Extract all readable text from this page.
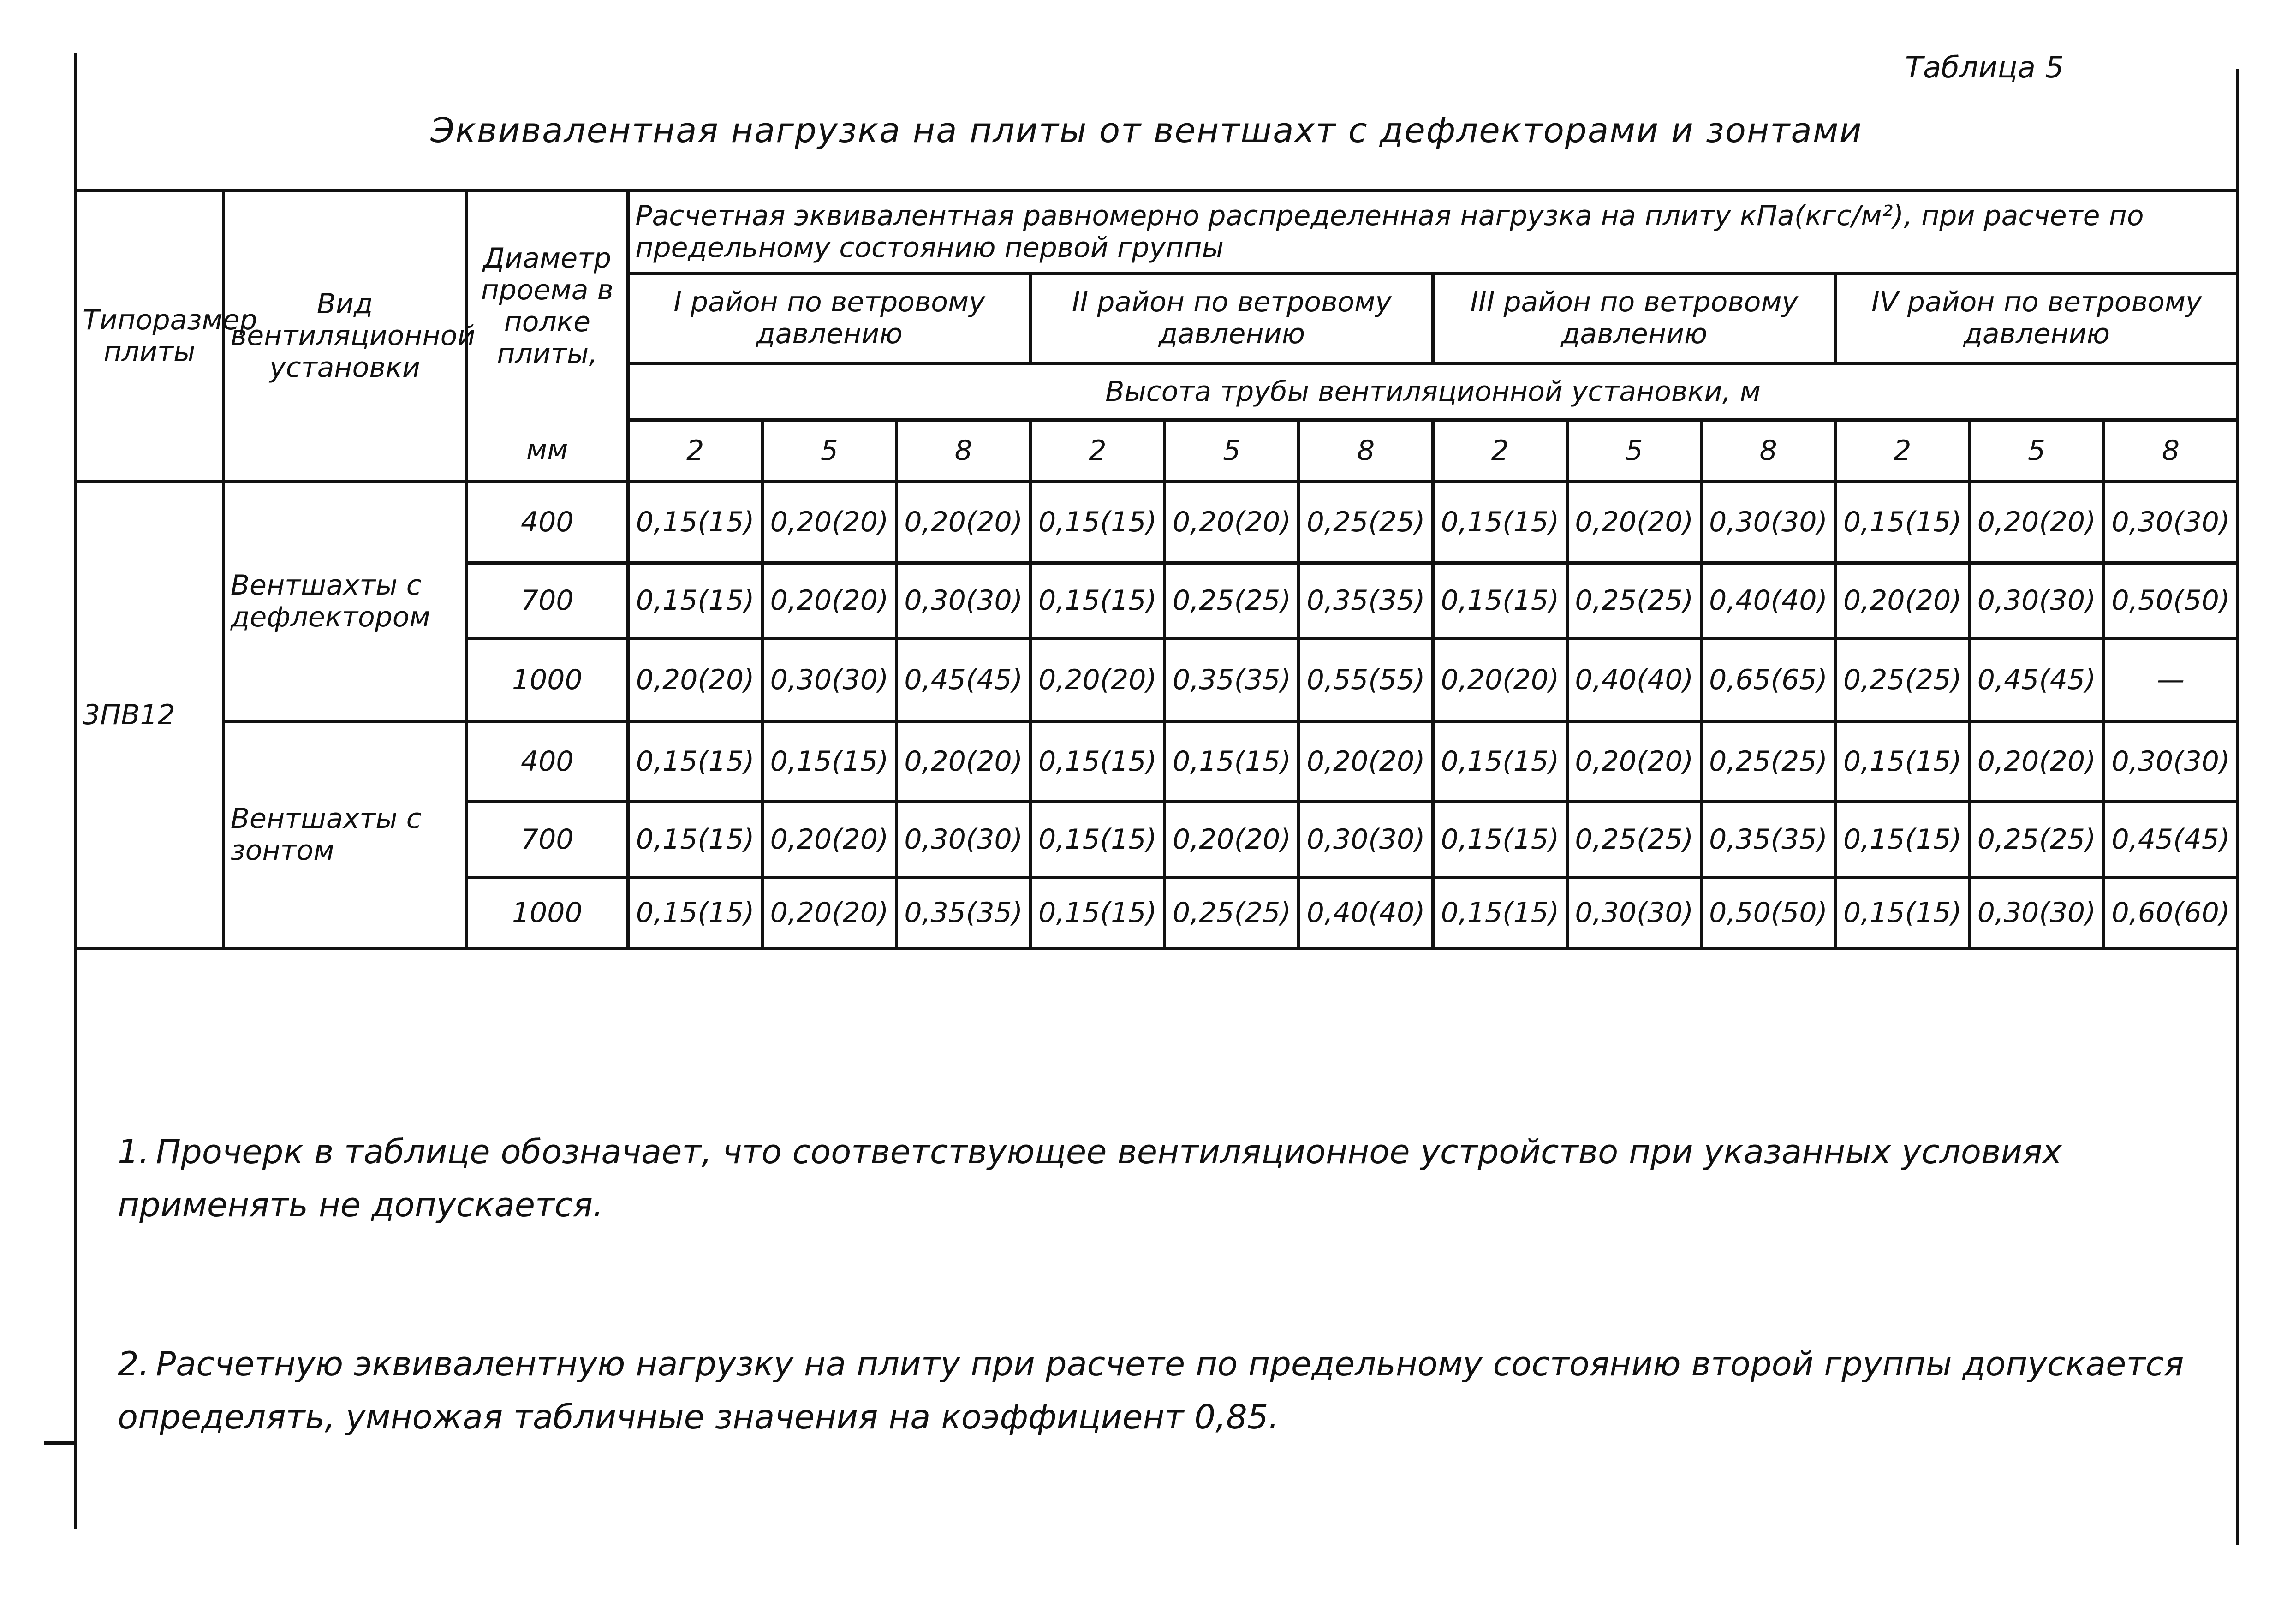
Таблица 5
Эквивалентная нагрузка на плиты от вентшахт с дефлекторами и зонтами
Типоразмер плиты	Вид вентиляционной установки	Диаметр проема в полке плиты,	Расчетная эквивалентная равномерно распределенная нагрузка на плиту кПа(кгс/м²), при расчете по предельному состоянию первой группы											
			I район по ветровому давлению			II район по ветровому давлению			III район по ветровому давлению			IV район по ветровому давлению		
			Высота трубы вентиляционной установки, м											
		мм	2	5	8	2	5	8	2	5	8	2	5	8
3ПВ12	Вентшахты с дефлектором	400	0,15(15)	0,20(20)	0,20(20)	0,15(15)	0,20(20)	0,25(25)	0,15(15)	0,20(20)	0,30(30)	0,15(15)	0,20(20)	0,30(30)
		700	0,15(15)	0,20(20)	0,30(30)	0,15(15)	0,25(25)	0,35(35)	0,15(15)	0,25(25)	0,40(40)	0,20(20)	0,30(30)	0,50(50)
		1000	0,20(20)	0,30(30)	0,45(45)	0,20(20)	0,35(35)	0,55(55)	0,20(20)	0,40(40)	0,65(65)	0,25(25)	0,45(45)	—
	Вентшахты с зонтом	400	0,15(15)	0,15(15)	0,20(20)	0,15(15)	0,15(15)	0,20(20)	0,15(15)	0,20(20)	0,25(25)	0,15(15)	0,20(20)	0,30(30)
		700	0,15(15)	0,20(20)	0,30(30)	0,15(15)	0,20(20)	0,30(30)	0,15(15)	0,25(25)	0,35(35)	0,15(15)	0,25(25)	0,45(45)
		1000	0,15(15)	0,20(20)	0,35(35)	0,15(15)	0,25(25)	0,40(40)	0,15(15)	0,30(30)	0,50(50)	0,15(15)	0,30(30)	0,60(60)
1. Прочерк в таблице обозначает, что соответствующее вентиляционное устройство при указанных условиях применять не допускается.
2. Расчетную эквивалентную нагрузку на плиту при расчете по предельному состоянию второй группы допускается определять, умножая табличные значения на коэффициент 0,85.
